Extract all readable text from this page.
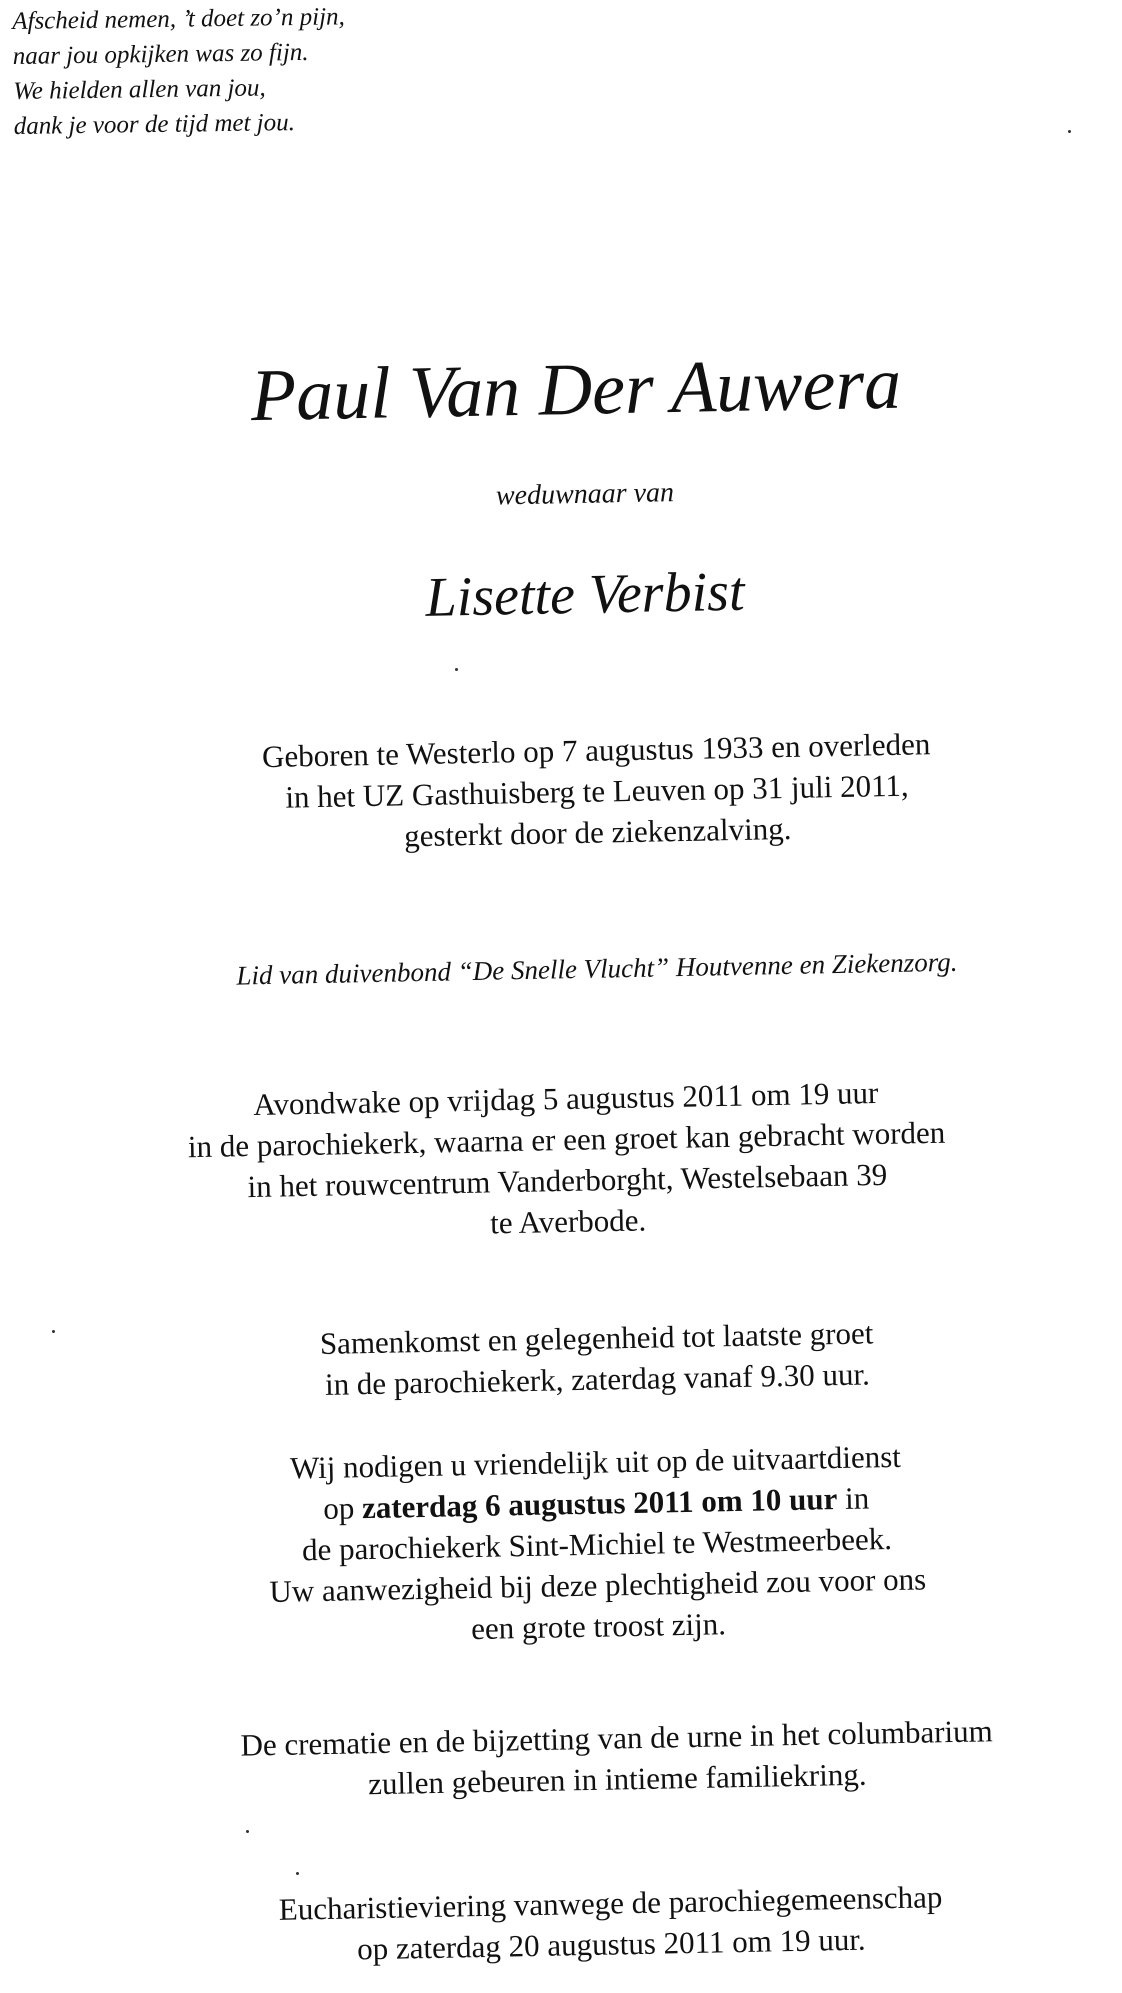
Afscheid nemen, ’t doet zo’n pijn,
naar jou opkijken was zo fijn.
We hielden allen van jou,
dank je voor de tijd met jou.
Paul Van Der Auwera
weduwnaar van
Lisette Verbist
Geboren te Westerlo op 7 augustus 1933 en overleden
in het UZ Gasthuisberg te Leuven op 31 juli 2011,
gesterkt door de ziekenzalving.
Lid van duivenbond “De Snelle Vlucht” Houtvenne en Ziekenzorg.
Avondwake op vrijdag 5 augustus 2011 om 19 uur
in de parochiekerk, waarna er een groet kan gebracht worden
in het rouwcentrum Vanderborght, Westelsebaan 39
te Averbode.
Samenkomst en gelegenheid tot laatste groet
in de parochiekerk, zaterdag vanaf 9.30 uur.
Wij nodigen u vriendelijk uit op de uitvaartdienst
op zaterdag 6 augustus 2011 om 10 uur in
de parochiekerk Sint-Michiel te Westmeerbeek.
Uw aanwezigheid bij deze plechtigheid zou voor ons
een grote troost zijn.
De crematie en de bijzetting van de urne in het columbarium
zullen gebeuren in intieme familiekring.
Eucharistieviering vanwege de parochiegemeenschap
op zaterdag 20 augustus 2011 om 19 uur.
